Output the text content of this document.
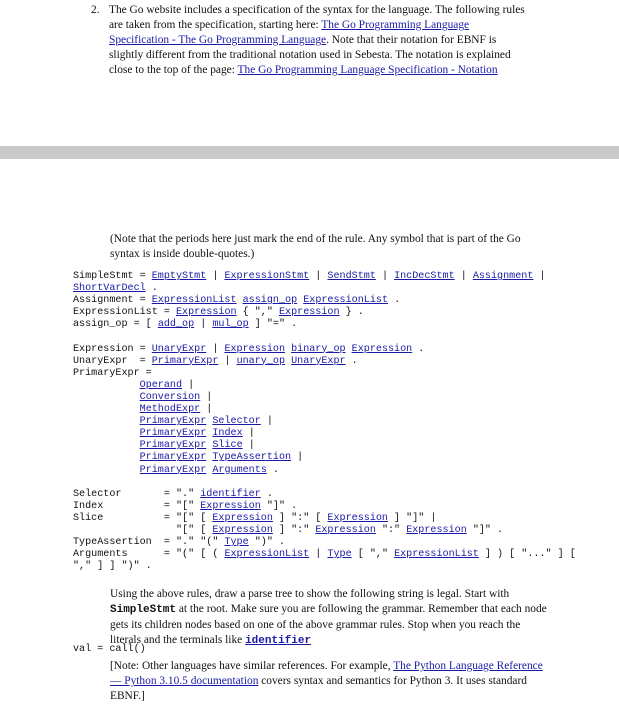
2. The Go website includes a specification of the syntax for the language. The following rules are taken from the specification, starting here: The Go Programming Language Specification - The Go Programming Language. Note that their notation for EBNF is slightly different from the traditional notation used in Sebesta. The notation is explained close to the top of the page: The Go Programming Language Specification - Notation
(Note that the periods here just mark the end of the rule. Any symbol that is part of the Go syntax is inside double-quotes.)
SimpleStmt = EmptyStmt | ExpressionStmt | SendStmt | IncDecStmt | Assignment |
ShortVarDecl .
Assignment = ExpressionList assign_op ExpressionList .
ExpressionList = Expression { "," Expression } .
assign_op = [ add_op | mul_op ] "=" .

Expression = UnaryExpr | Expression binary_op Expression .
UnaryExpr  = PrimaryExpr | unary_op UnaryExpr .
PrimaryExpr =
Operand |
Conversion |
MethodExpr |
PrimaryExpr Selector |
PrimaryExpr Index |
PrimaryExpr Slice |
PrimaryExpr TypeAssertion |
PrimaryExpr Arguments .

Selector       = "." identifier .
Index          = "[" Expression "]" .
Slice          = "[" [ Expression ] ":" [ Expression ] "]" |
"[" [ Expression ] ":" Expression ":" Expression "]" .
TypeAssertion  = "." "(" Type ")" .
Arguments      = "(" [ ( ExpressionList | Type [ "," ExpressionList ] ) [ "..." ] [
"," ] ] ")" .
Using the above rules, draw a parse tree to show the following string is legal. Start with SimpleStmt at the root. Make sure you are following the grammar. Remember that each node gets its children nodes based on one of the above grammar rules. Stop when you reach the literals and the terminals like identifier
val = call()
[Note: Other languages have similar references. For example, The Python Language Reference — Python 3.10.5 documentation covers syntax and semantics for Python 3. It uses standard EBNF.]
